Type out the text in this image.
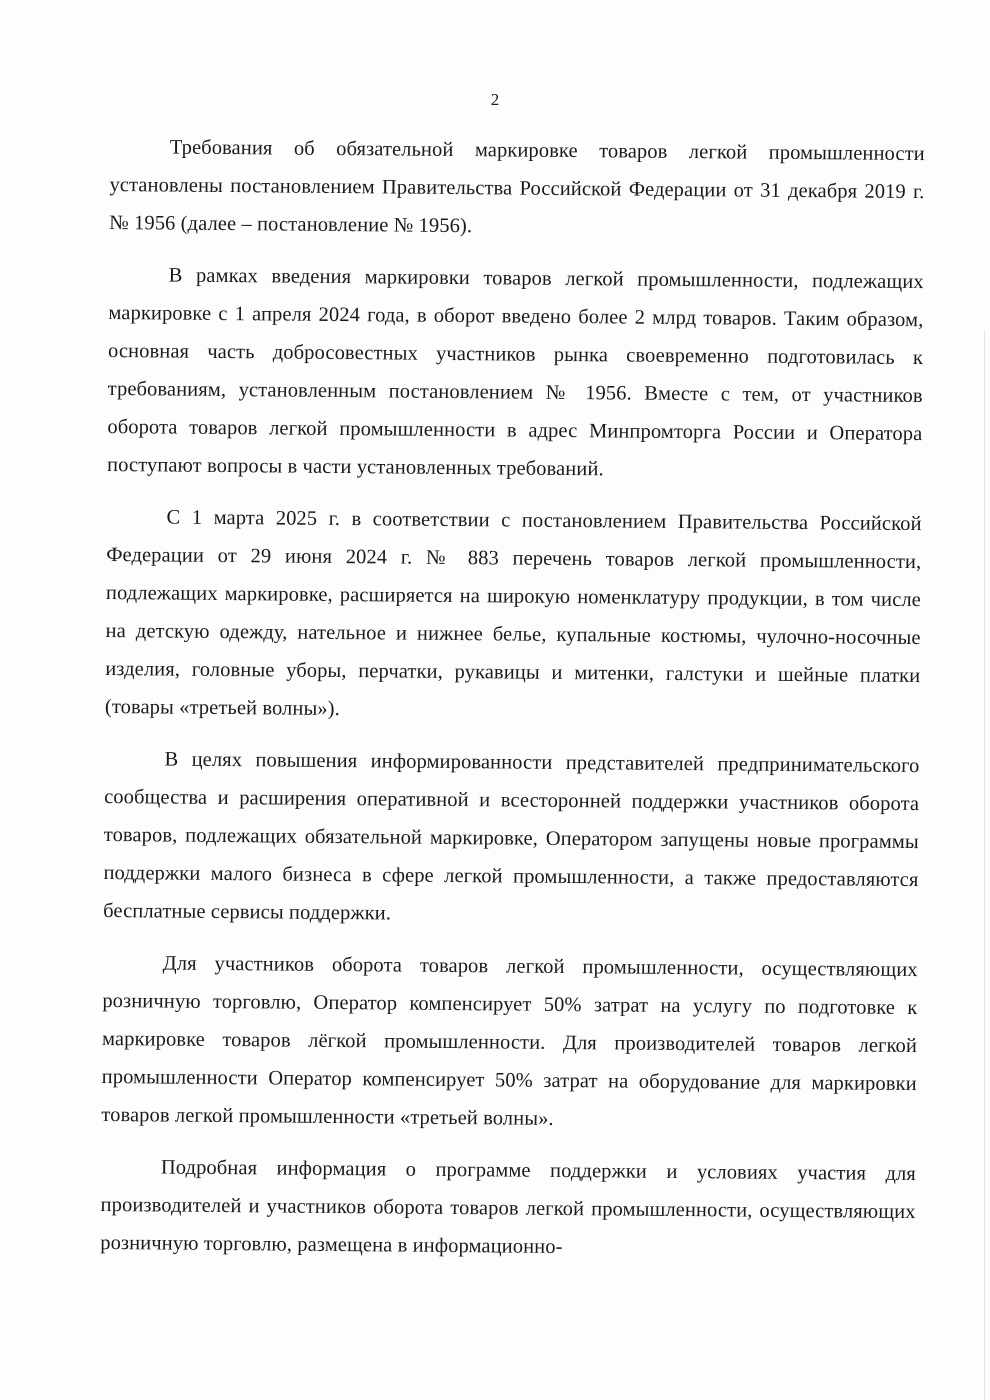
2

Требования об обязательной маркировке товаров легкой промышленности установлены постановлением Правительства Российской Федерации от 31 декабря 2019 г. № 1956 (далее – постановление № 1956).

В рамках введения маркировки товаров легкой промышленности, подлежащих маркировке с 1 апреля 2024 года, в оборот введено более 2 млрд товаров. Таким образом, основная часть добросовестных участников рынка своевременно подготовилась к требованиям, установленным постановлением № 1956. Вместе с тем, от участников оборота товаров легкой промышленности в адрес Минпромторга России и Оператора поступают вопросы в части установленных требований.

С 1 марта 2025 г. в соответствии с постановлением Правительства Российской Федерации от 29 июня 2024 г. № 883 перечень товаров легкой промышленности, подлежащих маркировке, расширяется на широкую номенклатуру продукции, в том числе на детскую одежду, нательное и нижнее белье, купальные костюмы, чулочно-носочные изделия, головные уборы, перчатки, рукавицы и митенки, галстуки и шейные платки (товары «третьей волны»).

В целях повышения информированности представителей предпринимательского сообщества и расширения оперативной и всесторонней поддержки участников оборота товаров, подлежащих обязательной маркировке, Оператором запущены новые программы поддержки малого бизнеса в сфере легкой промышленности, а также предоставляются бесплатные сервисы поддержки.

Для участников оборота товаров легкой промышленности, осуществляющих розничную торговлю, Оператор компенсирует 50% затрат на услугу по подготовке к маркировке товаров лёгкой промышленности. Для производителей товаров легкой промышленности Оператор компенсирует 50% затрат на оборудование для маркировки товаров легкой промышленности «третьей волны».

Подробная информация о программе поддержки и условиях участия для производителей и участников оборота товаров легкой промышленности, осуществляющих розничную торговлю, размещена в информационно-
